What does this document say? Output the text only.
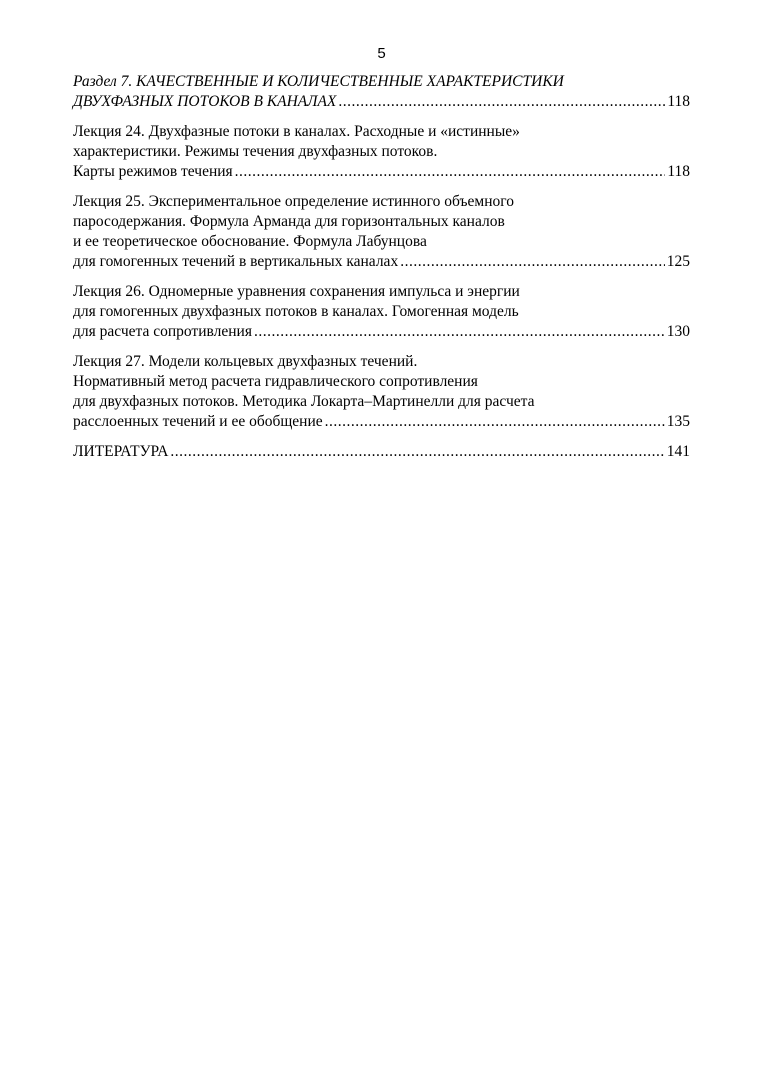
5
Раздел 7. КАЧЕСТВЕННЫЕ И КОЛИЧЕСТВЕННЫЕ ХАРАКТЕРИСТИКИ
ДВУХФАЗНЫХ ПОТОКОВ В КАНАЛАХ .....	118
Лекция 24. Двухфазные потоки в каналах. Расходные и «истинные»
характеристики. Режимы течения двухфазных потоков.
Карты режимов течения .....	118
Лекция 25. Экспериментальное определение истинного объемного
паросодержания. Формула Арманда для горизонтальных каналов
и ее теоретическое обоснование. Формула Лабунцова
для гомогенных течений в вертикальных каналах .....	125
Лекция 26. Одномерные уравнения сохранения импульса и энергии
для гомогенных двухфазных потоков в каналах. Гомогенная модель
для расчета сопротивления .....	130
Лекция 27. Модели кольцевых двухфазных течений.
Нормативный метод расчета гидравлического сопротивления
для двухфазных потоков. Методика Локарта–Мартинелли для расчета
расслоенных течений и ее обобщение .....	135
ЛИТЕРАТУРА .....	141
